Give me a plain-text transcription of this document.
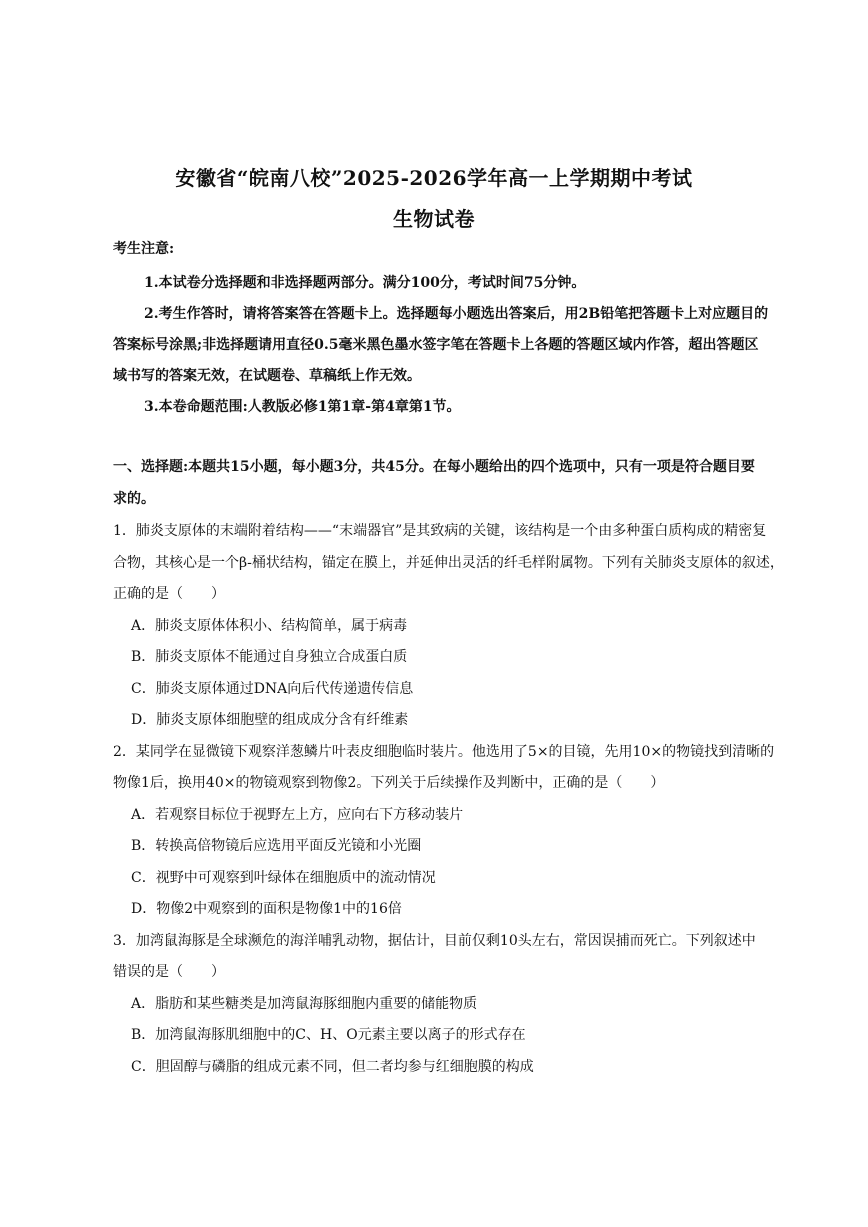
安徽省“皖南八校”2025-2026学年高一上学期期中考试
生物试卷
考生注意:
1.本试卷分选择题和非选择题两部分。满分100分，考试时间75分钟。
2.考生作答时，请将答案答在答题卡上。选择题每小题选出答案后，用2B铅笔把答题卡上对应题目的
答案标号涂黑;非选择题请用直径0.5毫米黑色墨水签字笔在答题卡上各题的答题区域内作答，超出答题区
域书写的答案无效，在试题卷、草稿纸上作无效。
3.本卷命题范围:人教版必修1第1章-第4章第1节。
一、选择题:本题共15小题，每小题3分，共45分。在每小题给出的四个选项中，只有一项是符合题目要
求的。
1．肺炎支原体的末端附着结构——“末端器官”是其致病的关键，该结构是一个由多种蛋白质构成的精密复
合物，其核心是一个β-桶状结构，锚定在膜上，并延伸出灵活的纤毛样附属物。下列有关肺炎支原体的叙述，
正确的是（　　）
A．肺炎支原体体积小、结构简单，属于病毒
B．肺炎支原体不能通过自身独立合成蛋白质
C．肺炎支原体通过DNA向后代传递遗传信息
D．肺炎支原体细胞壁的组成成分含有纤维素
2．某同学在显微镜下观察洋葱鳞片叶表皮细胞临时装片。他选用了5×的目镜，先用10×的物镜找到清晰的
物像1后，换用40×的物镜观察到物像2。下列关于后续操作及判断中，正确的是（　　）
A．若观察目标位于视野左上方，应向右下方移动装片
B．转换高倍物镜后应选用平面反光镜和小光圈
C．视野中可观察到叶绿体在细胞质中的流动情况
D．物像2中观察到的面积是物像1中的16倍
3．加湾鼠海豚是全球濒危的海洋哺乳动物，据估计，目前仅剩10头左右，常因误捕而死亡。下列叙述中
错误的是（　　）
A．脂肪和某些糖类是加湾鼠海豚细胞内重要的储能物质
B．加湾鼠海豚肌细胞中的C、H、O元素主要以离子的形式存在
C．胆固醇与磷脂的组成元素不同，但二者均参与红细胞膜的构成
